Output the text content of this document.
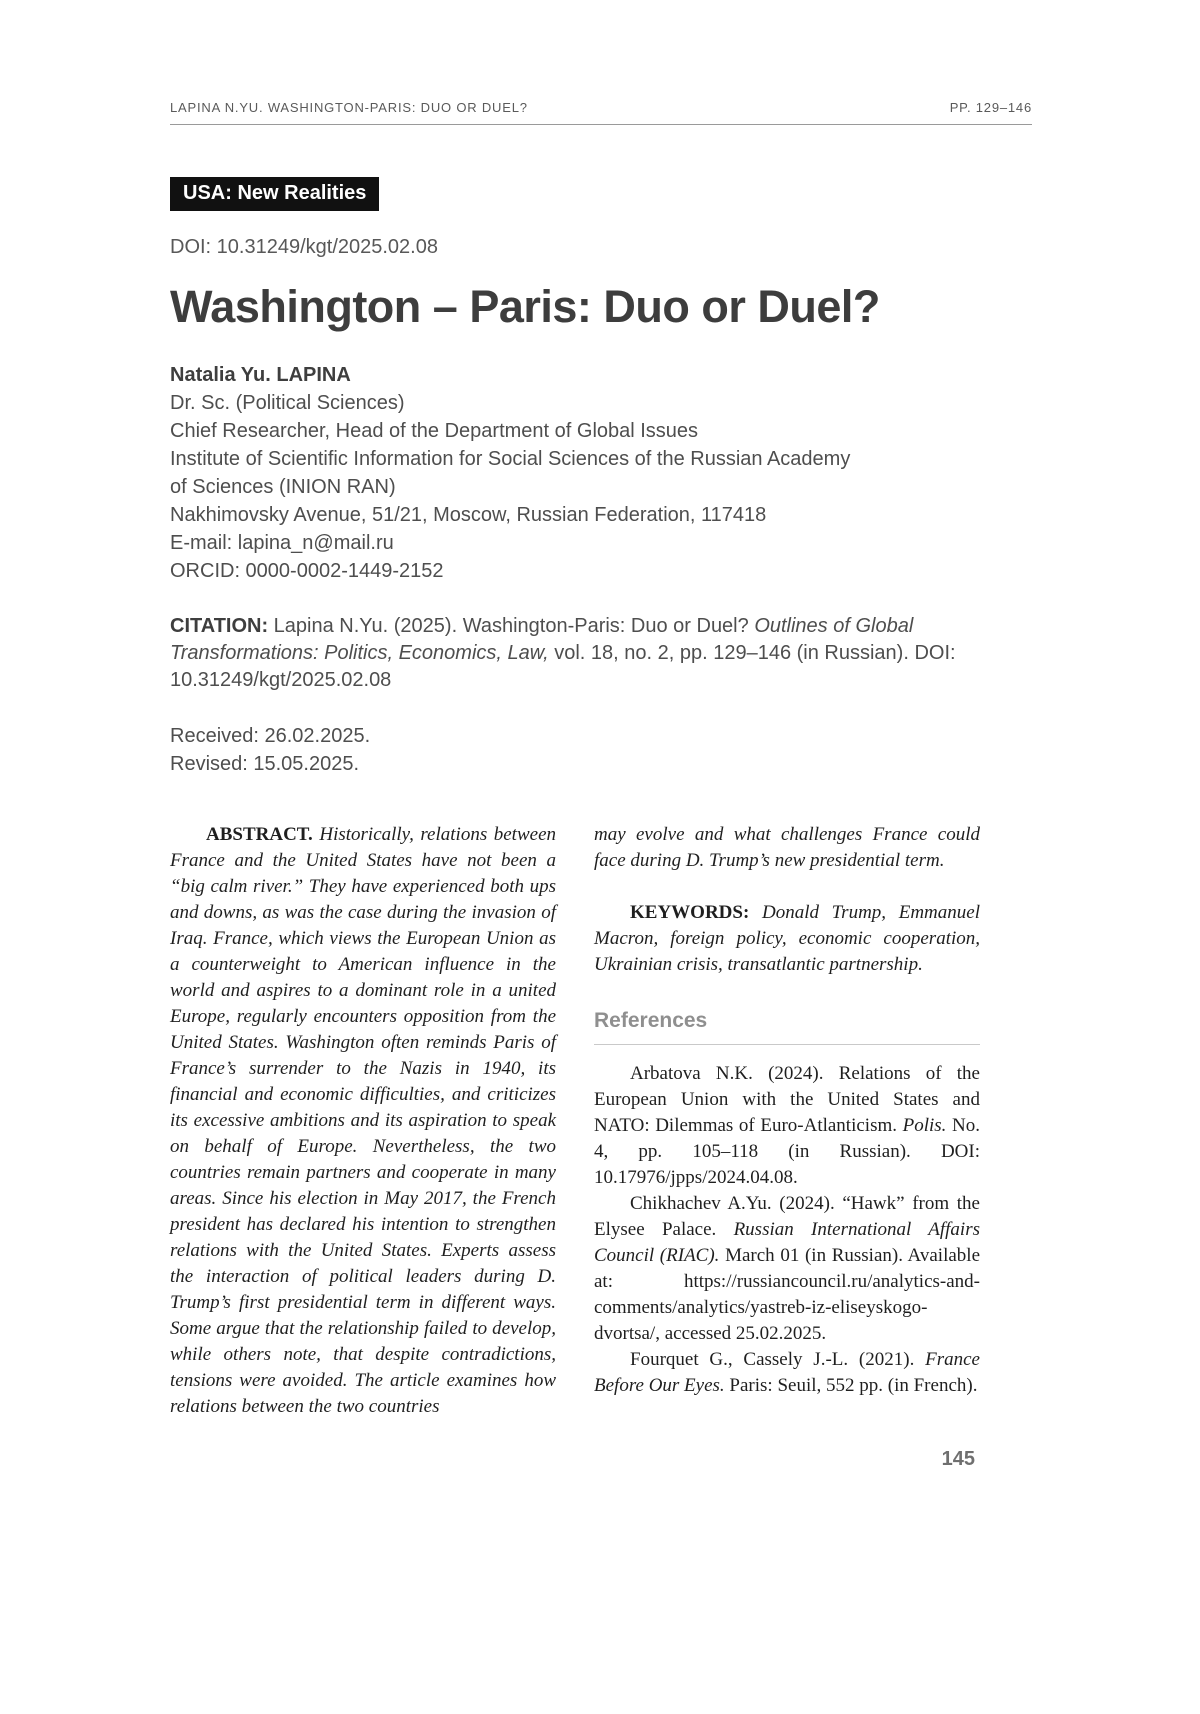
LAPINA N.YU. WASHINGTON-PARIS: DUO OR DUEL?	PP. 129–146
USA: New Realities
DOI: 10.31249/kgt/2025.02.08
Washington – Paris: Duo or Duel?
Natalia Yu. LAPINA
Dr. Sc. (Political Sciences)
Chief Researcher, Head of the Department of Global Issues
Institute of Scientific Information for Social Sciences of the Russian Academy
of Sciences (INION RAN)
Nakhimovsky Avenue, 51/21, Moscow, Russian Federation, 117418
E-mail: lapina_n@mail.ru
ORCID: 0000-0002-1449-2152

CITATION: Lapina N.Yu. (2025). Washington-Paris: Duo or Duel? Outlines of Global Transformations: Politics, Economics, Law, vol. 18, no. 2, pp. 129–146 (in Russian). DOI: 10.31249/kgt/2025.02.08

Received: 26.02.2025.
Revised: 15.05.2025.

ABSTRACT. Historically, relations between France and the United States have not been a “big calm river.” They have experienced both ups and downs, as was the case during the invasion of Iraq. France, which views the European Union as a counterweight to American influence in the world and aspires to a dominant role in a united Europe, regularly encounters opposition from the United States. Washington often reminds Paris of France’s surrender to the Nazis in 1940, its financial and economic difficulties, and criticizes its excessive ambitions and its aspiration to speak on behalf of Europe. Nevertheless, the two countries remain partners and cooperate in many areas. Since his election in May 2017, the French president has declared his intention to strengthen relations with the United States. Experts assess the interaction of political leaders during D. Trump’s first presidential term in different ways. Some argue that the relationship failed to develop, while others note, that despite contradictions, tensions were avoided. The article examines how relations between the two countries

may evolve and what challenges France could face during D. Trump’s new presidential term.

KEYWORDS: Donald Trump, Emmanuel Macron, foreign policy, economic cooperation, Ukrainian crisis, transatlantic partnership.

References

Arbatova N.K. (2024). Relations of the European Union with the United States and NATO: Dilemmas of Euro-Atlanticism. Polis. No. 4, pp. 105–118 (in Russian). DOI: 10.17976/jpps/2024.04.08.

Chikhachev A.Yu. (2024). “Hawk” from the Elysee Palace. Russian International Affairs Council (RIAC). March 01 (in Russian). Available at: https://russiancouncil.ru/analytics-and-comments/analytics/yastreb-iz-eliseyskogo-dvortsa/, accessed 25.02.2025.

Fourquet G., Cassely J.-L. (2021). France Before Our Eyes. Paris: Seuil, 552 pp. (in French).

145
